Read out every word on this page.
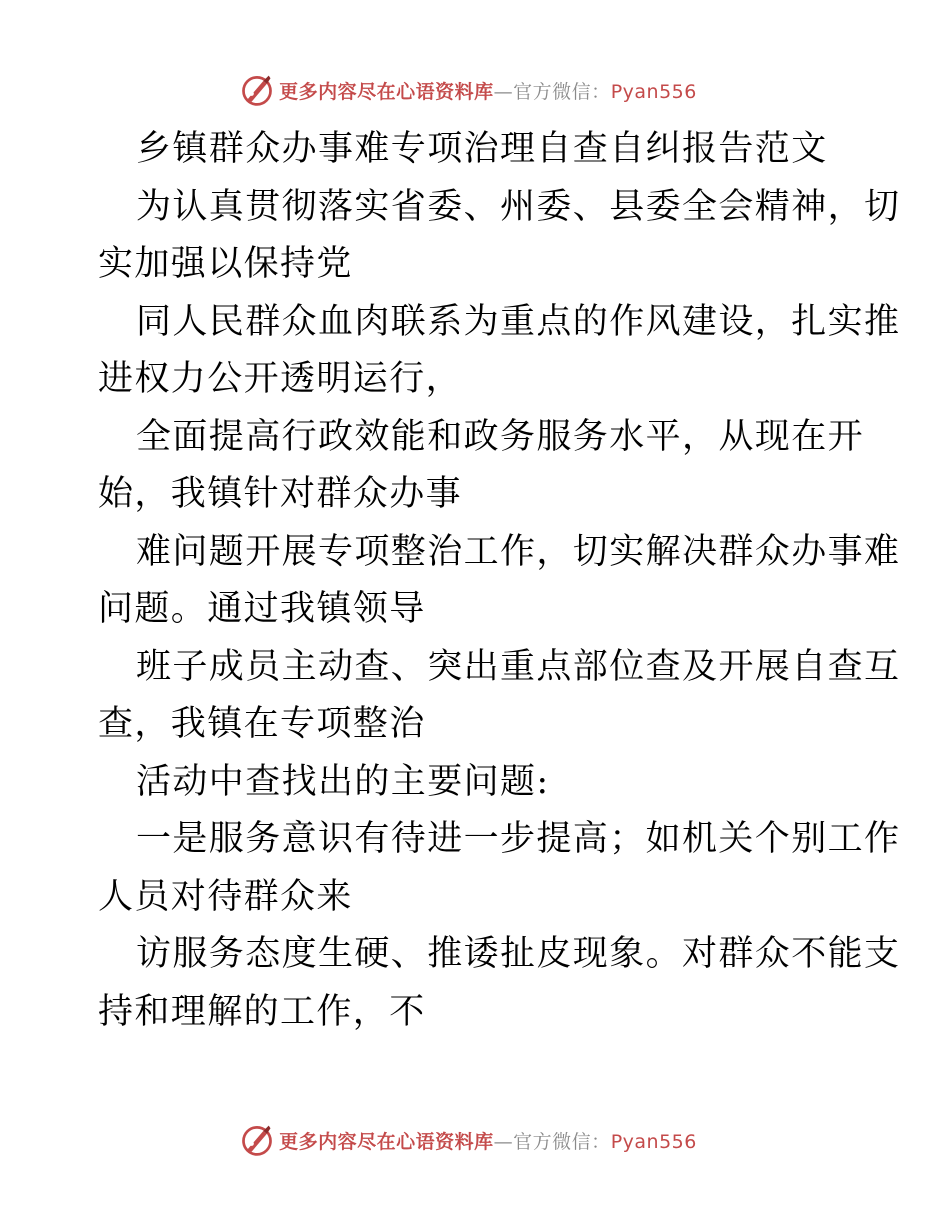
更多内容尽在心语资料库—官方微信：Pyan556
乡镇群众办事难专项治理自查自纠报告范文
为认真贯彻落实省委、州委、县委全会精神，切
实加强以保持党
同人民群众血肉联系为重点的作风建设，扎实推
进权力公开透明运行，
全面提高行政效能和政务服务水平，从现在开
始，我镇针对群众办事
难问题开展专项整治工作，切实解决群众办事难
问题。通过我镇领导
班子成员主动查、突出重点部位查及开展自查互
查，我镇在专项整治
活动中查找出的主要问题:
一是服务意识有待进一步提高；如机关个别工作
人员对待群众来
访服务态度生硬、推诿扯皮现象。对群众不能支
持和理解的工作，不
更多内容尽在心语资料库—官方微信：Pyan556
